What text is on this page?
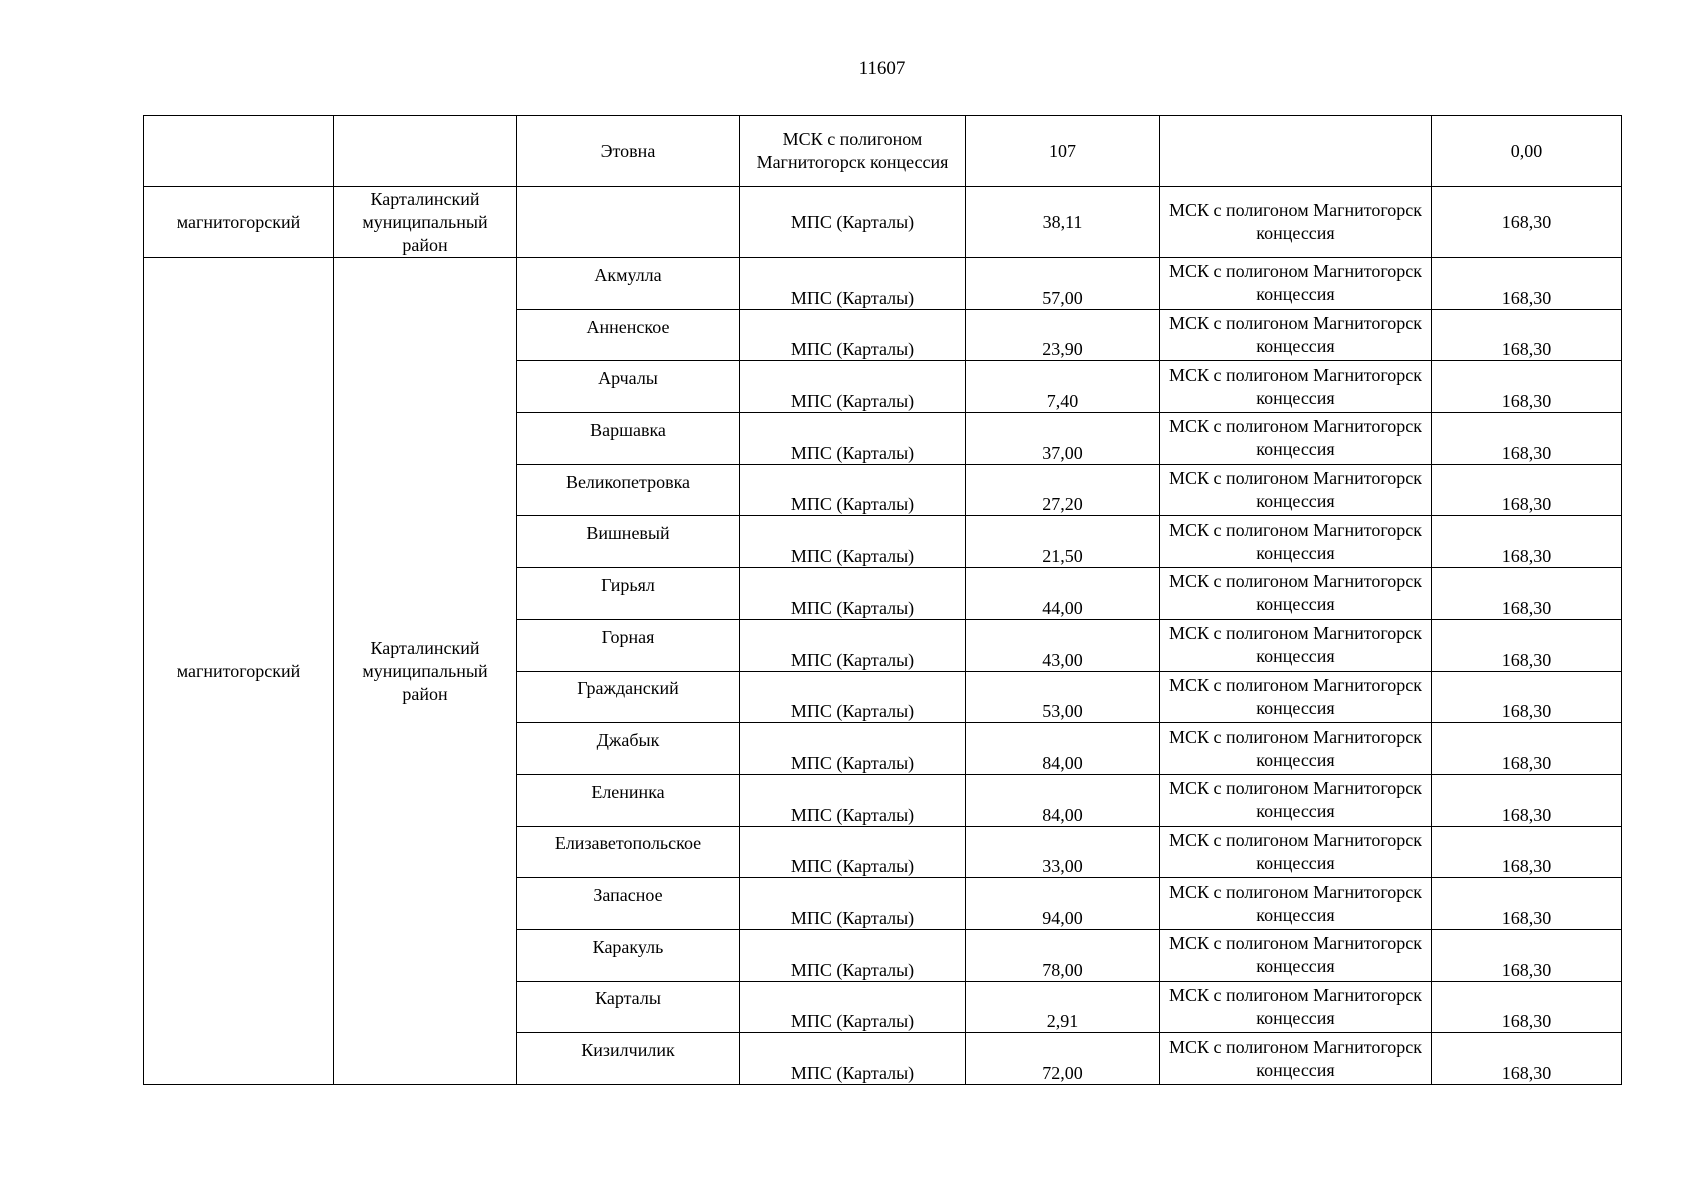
11607
		Этовна	МСК с полигоном Магнитогорск концессия	107		0,00
магнитогорский	Карталинский муниципальный район		МПС (Карталы)	38,11	МСК с полигоном Магнитогорск концессия	168,30
магнитогорский	Карталинский муниципальный район	Акмулла	МПС (Карталы)	57,00	МСК с полигоном Магнитогорск концессия	168,30
		Анненское	МПС (Карталы)	23,90	МСК с полигоном Магнитогорск концессия	168,30
		Арчалы	МПС (Карталы)	7,40	МСК с полигоном Магнитогорск концессия	168,30
		Варшавка	МПС (Карталы)	37,00	МСК с полигоном Магнитогорск концессия	168,30
		Великопетровка	МПС (Карталы)	27,20	МСК с полигоном Магнитогорск концессия	168,30
		Вишневый	МПС (Карталы)	21,50	МСК с полигоном Магнитогорск концессия	168,30
		Гирьял	МПС (Карталы)	44,00	МСК с полигоном Магнитогорск концессия	168,30
		Горная	МПС (Карталы)	43,00	МСК с полигоном Магнитогорск концессия	168,30
		Гражданский	МПС (Карталы)	53,00	МСК с полигоном Магнитогорск концессия	168,30
		Джабык	МПС (Карталы)	84,00	МСК с полигоном Магнитогорск концессия	168,30
		Еленинка	МПС (Карталы)	84,00	МСК с полигоном Магнитогорск концессия	168,30
		Елизаветопольское	МПС (Карталы)	33,00	МСК с полигоном Магнитогорск концессия	168,30
		Запасное	МПС (Карталы)	94,00	МСК с полигоном Магнитогорск концессия	168,30
		Каракуль	МПС (Карталы)	78,00	МСК с полигоном Магнитогорск концессия	168,30
		Карталы	МПС (Карталы)	2,91	МСК с полигоном Магнитогорск концессия	168,30
		Кизилчилик	МПС (Карталы)	72,00	МСК с полигоном Магнитогорск концессия	168,30
